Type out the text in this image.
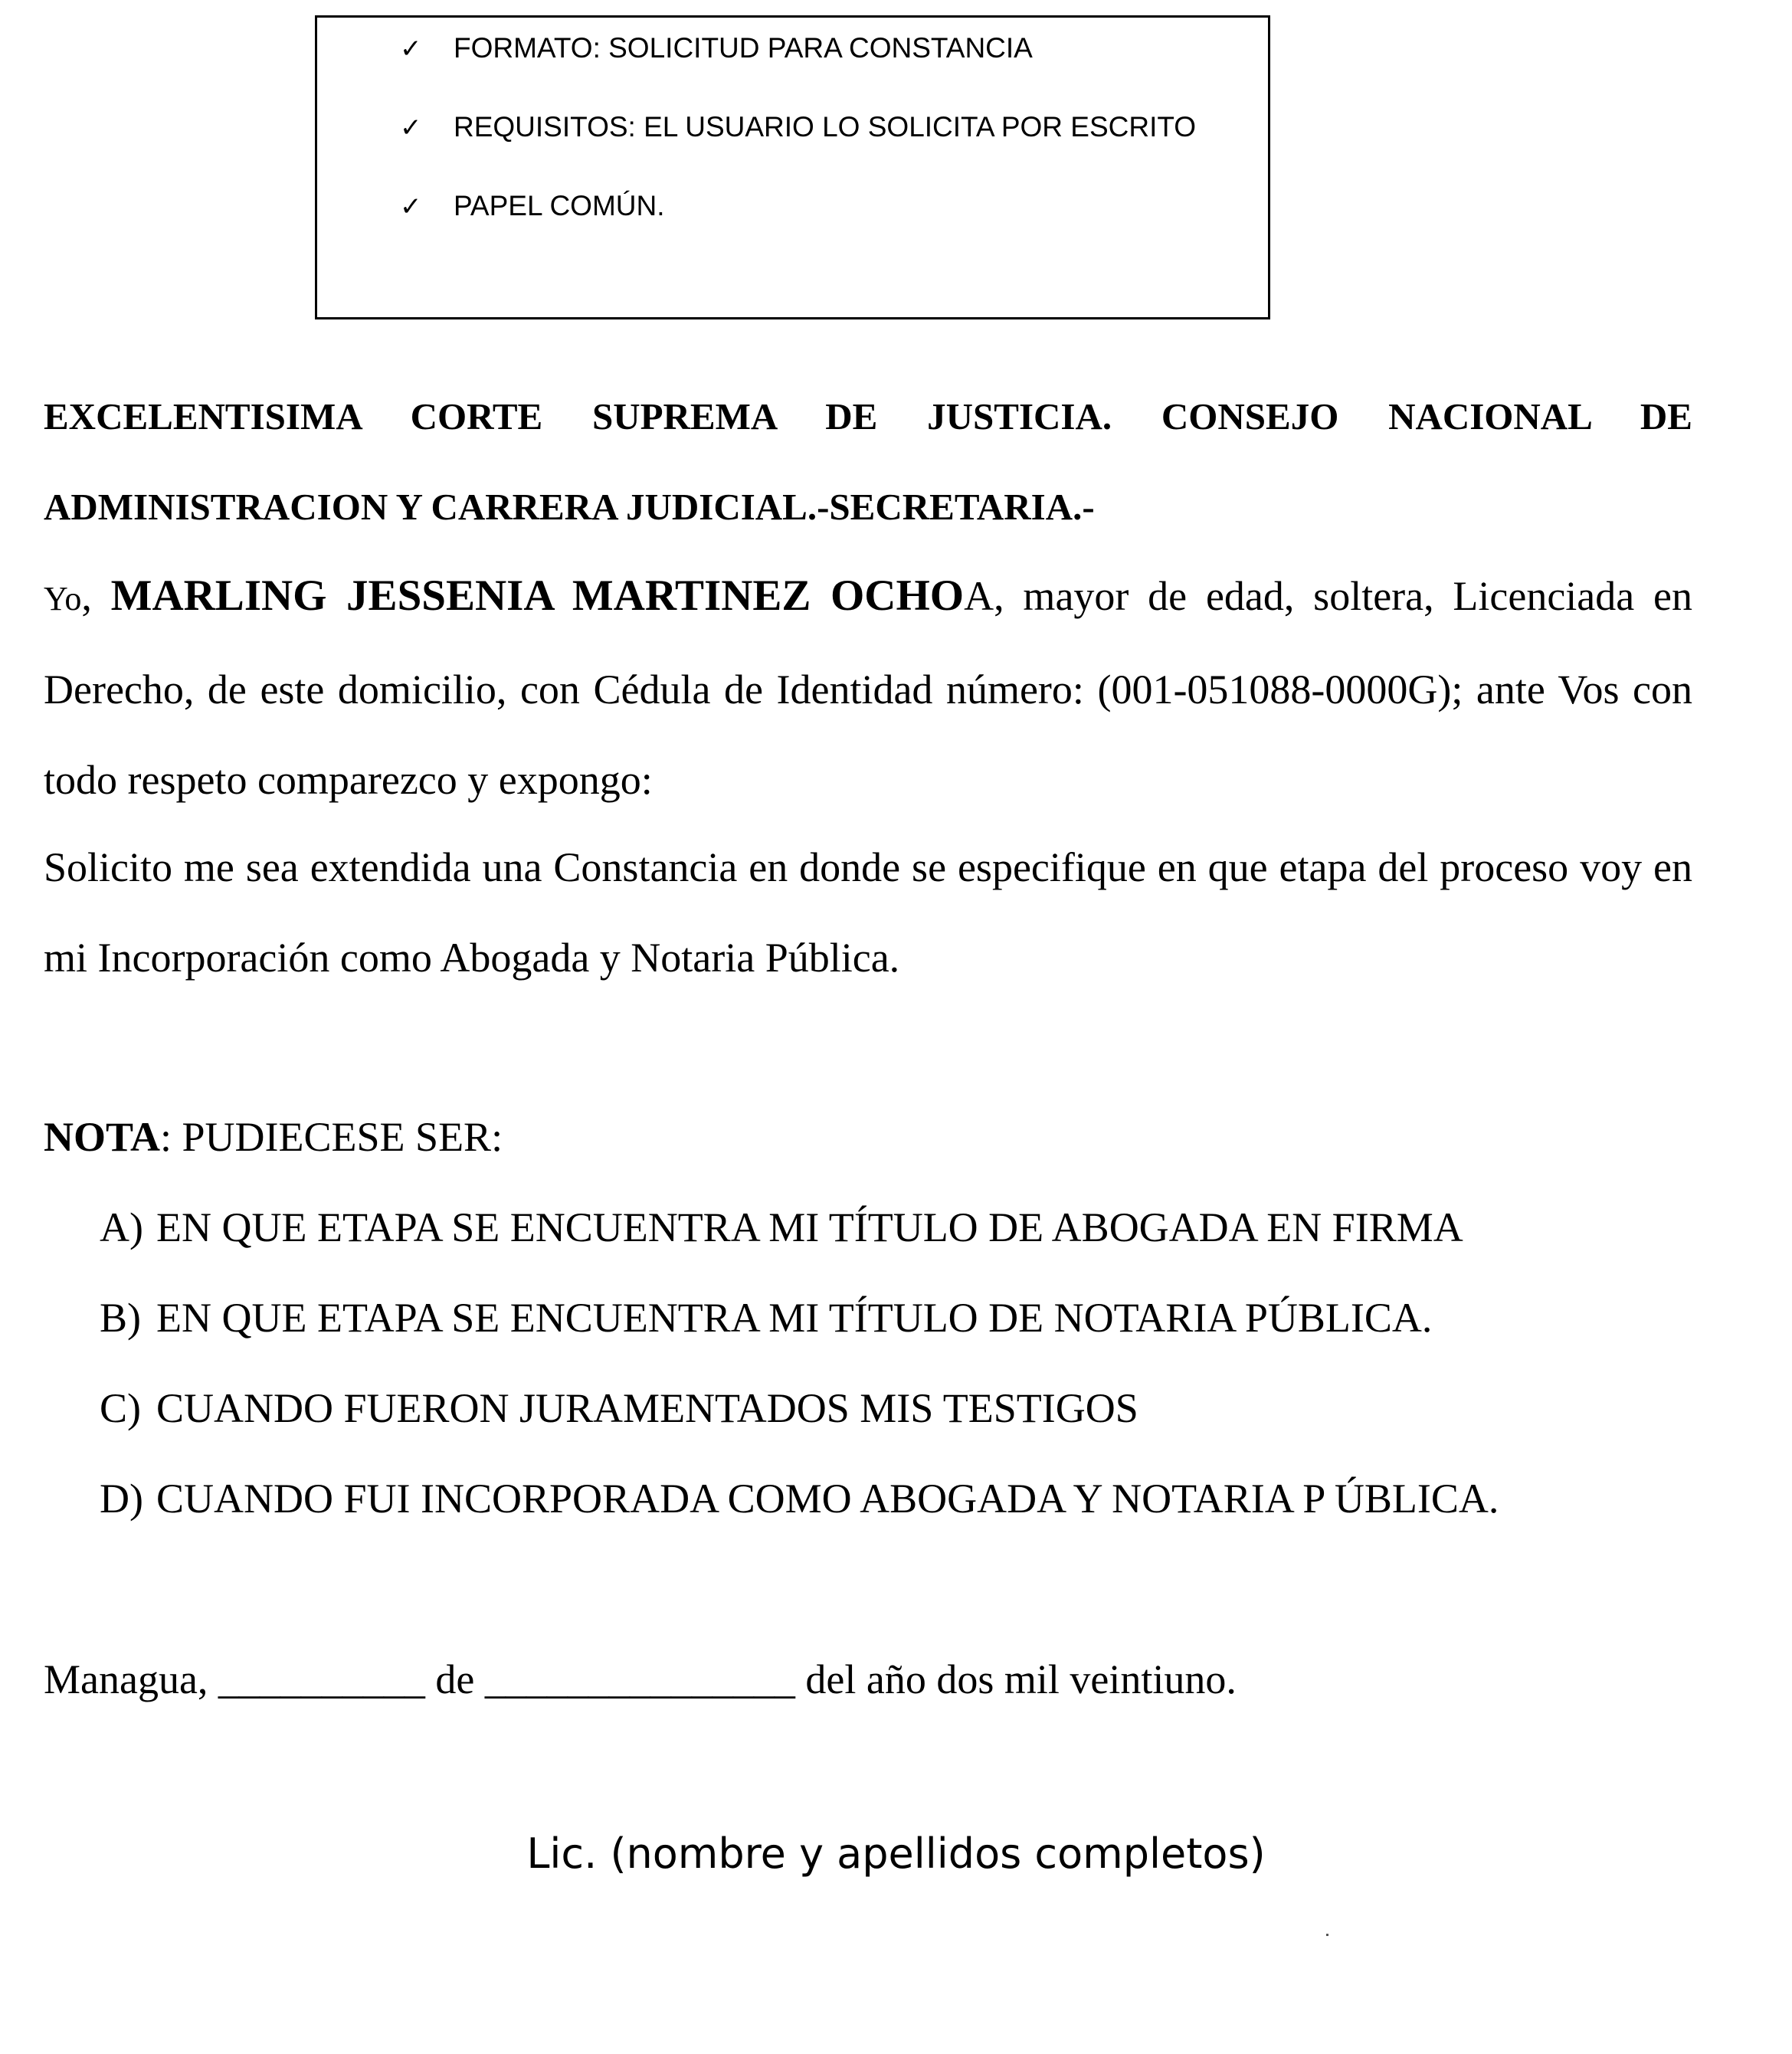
✓ FORMATO: SOLICITUD PARA CONSTANCIA
✓ REQUISITOS: EL USUARIO LO SOLICITA POR ESCRITO
✓ PAPEL COMÚN.
EXCELENTISIMA CORTE SUPREMA DE JUSTICIA. CONSEJO NACIONAL DE ADMINISTRACION Y CARRERA JUDICIAL.-SECRETARIA.-
Yo, MARLING JESSENIA MARTINEZ OCHOA, mayor de edad, soltera, Licenciada en Derecho, de este domicilio, con Cédula de Identidad número: (001-051088-0000G); ante Vos con todo respeto comparezco y expongo:
Solicito me sea extendida una Constancia en donde se especifique en que etapa del proceso voy en mi Incorporación como Abogada y Notaria Pública.
NOTA: PUDIECESE SER:
A) EN QUE ETAPA SE ENCUENTRA MI TÍTULO DE ABOGADA EN FIRMA
B) EN QUE ETAPA SE ENCUENTRA MI TÍTULO DE NOTARIA PÚBLICA.
C) CUANDO FUERON JURAMENTADOS MIS TESTIGOS
D) CUANDO FUI INCORPORADA COMO ABOGADA Y NOTARIA P ÚBLICA.
Managua, __________ de _______________ del año dos mil veintiuno.
Lic. (nombre y apellidos completos)
